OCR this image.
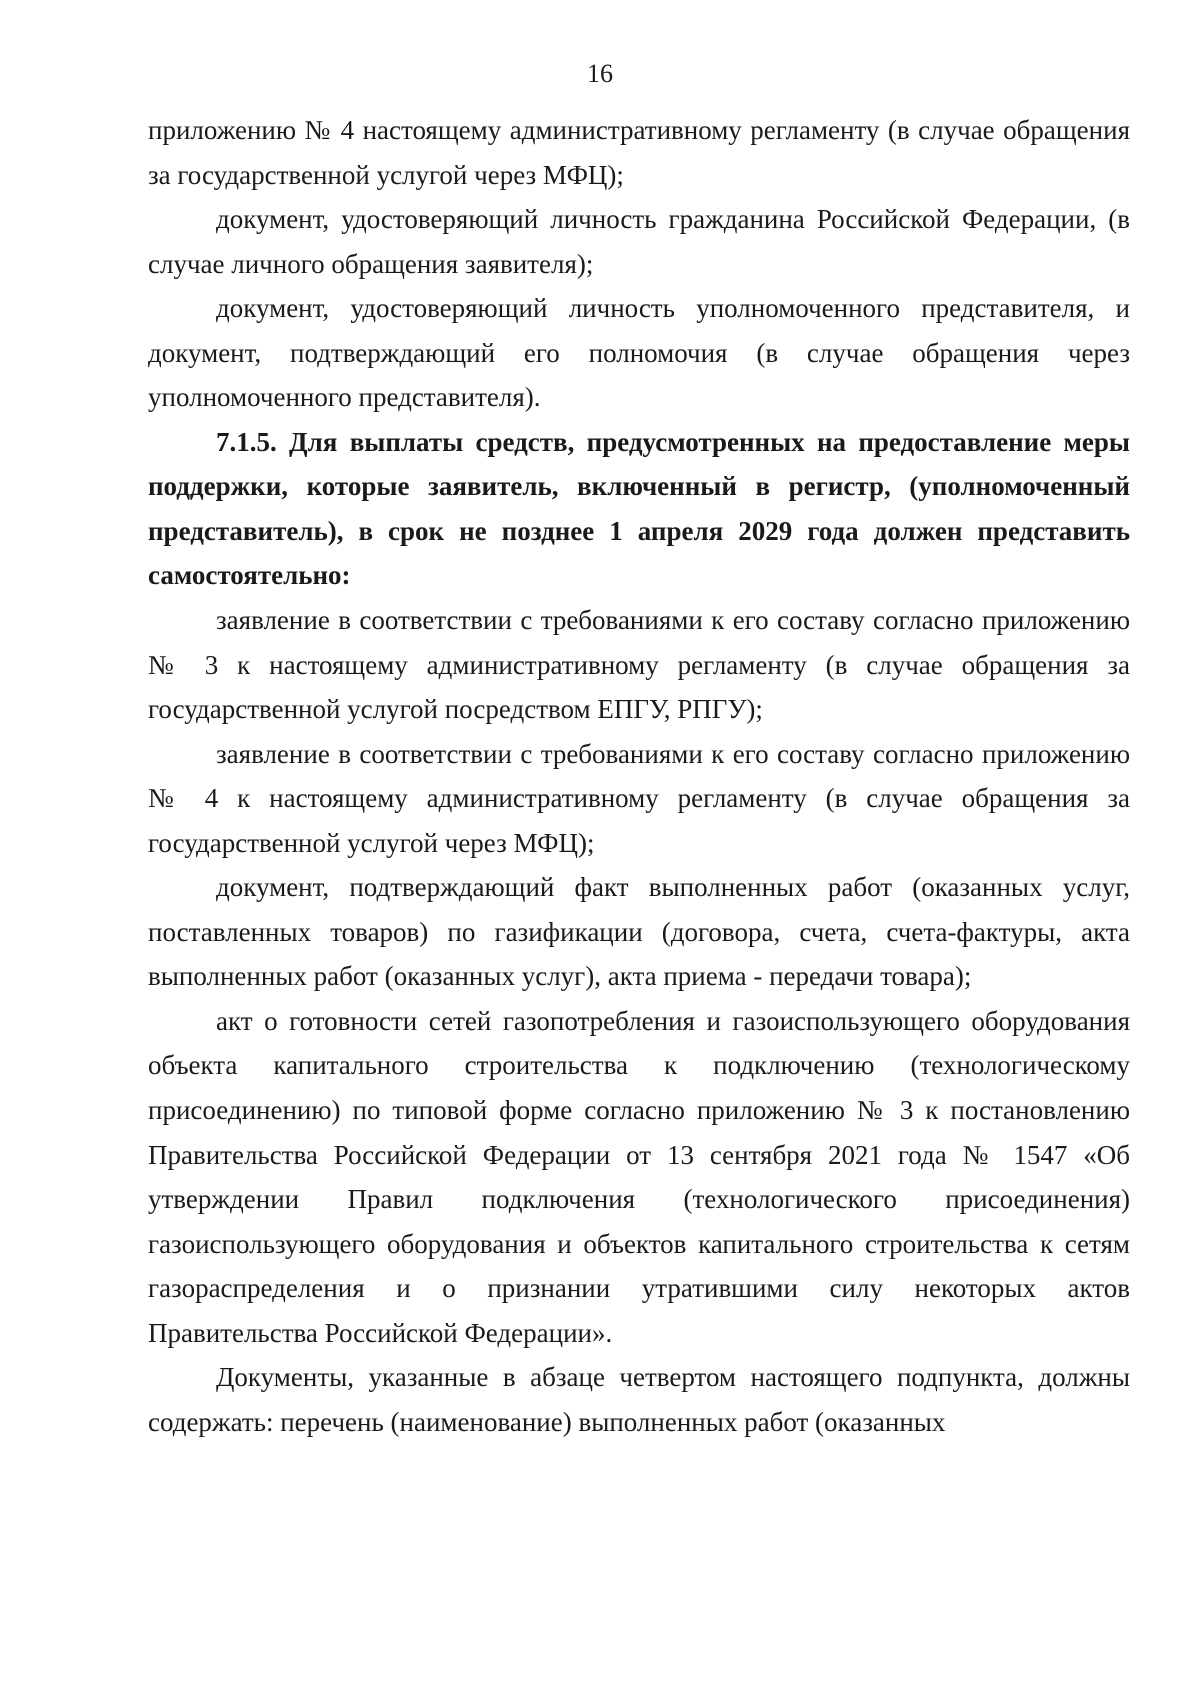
16

приложению № 4 настоящему административному регламенту (в случае обращения за государственной услугой через МФЦ);

документ, удостоверяющий личность гражданина Российской Федерации, (в случае личного обращения заявителя);

документ, удостоверяющий личность уполномоченного представителя, и документ, подтверждающий его полномочия (в случае обращения через уполномоченного представителя).

7.1.5. Для выплаты средств, предусмотренных на предоставление меры поддержки, которые заявитель, включенный в регистр, (уполномоченный представитель), в срок не позднее 1 апреля 2029 года должен представить самостоятельно:

заявление в соответствии с требованиями к его составу согласно приложению № 3 к настоящему административному регламенту (в случае обращения за государственной услугой посредством ЕПГУ, РПГУ);

заявление в соответствии с требованиями к его составу согласно приложению № 4 к настоящему административному регламенту (в случае обращения за государственной услугой через МФЦ);

документ, подтверждающий факт выполненных работ (оказанных услуг, поставленных товаров) по газификации (договора, счета, счета-фактуры, акта выполненных работ (оказанных услуг), акта приема - передачи товара);

акт о готовности сетей газопотребления и газоиспользующего оборудования объекта капитального строительства к подключению (технологическому присоединению) по типовой форме согласно приложению № 3 к постановлению Правительства Российской Федерации от 13 сентября 2021 года № 1547 «Об утверждении Правил подключения (технологического присоединения) газоиспользующего оборудования и объектов капитального строительства к сетям газораспределения и о признании утратившими силу некоторых актов Правительства Российской Федерации».

Документы, указанные в абзаце четвертом настоящего подпункта, должны содержать: перечень (наименование) выполненных работ (оказанных
